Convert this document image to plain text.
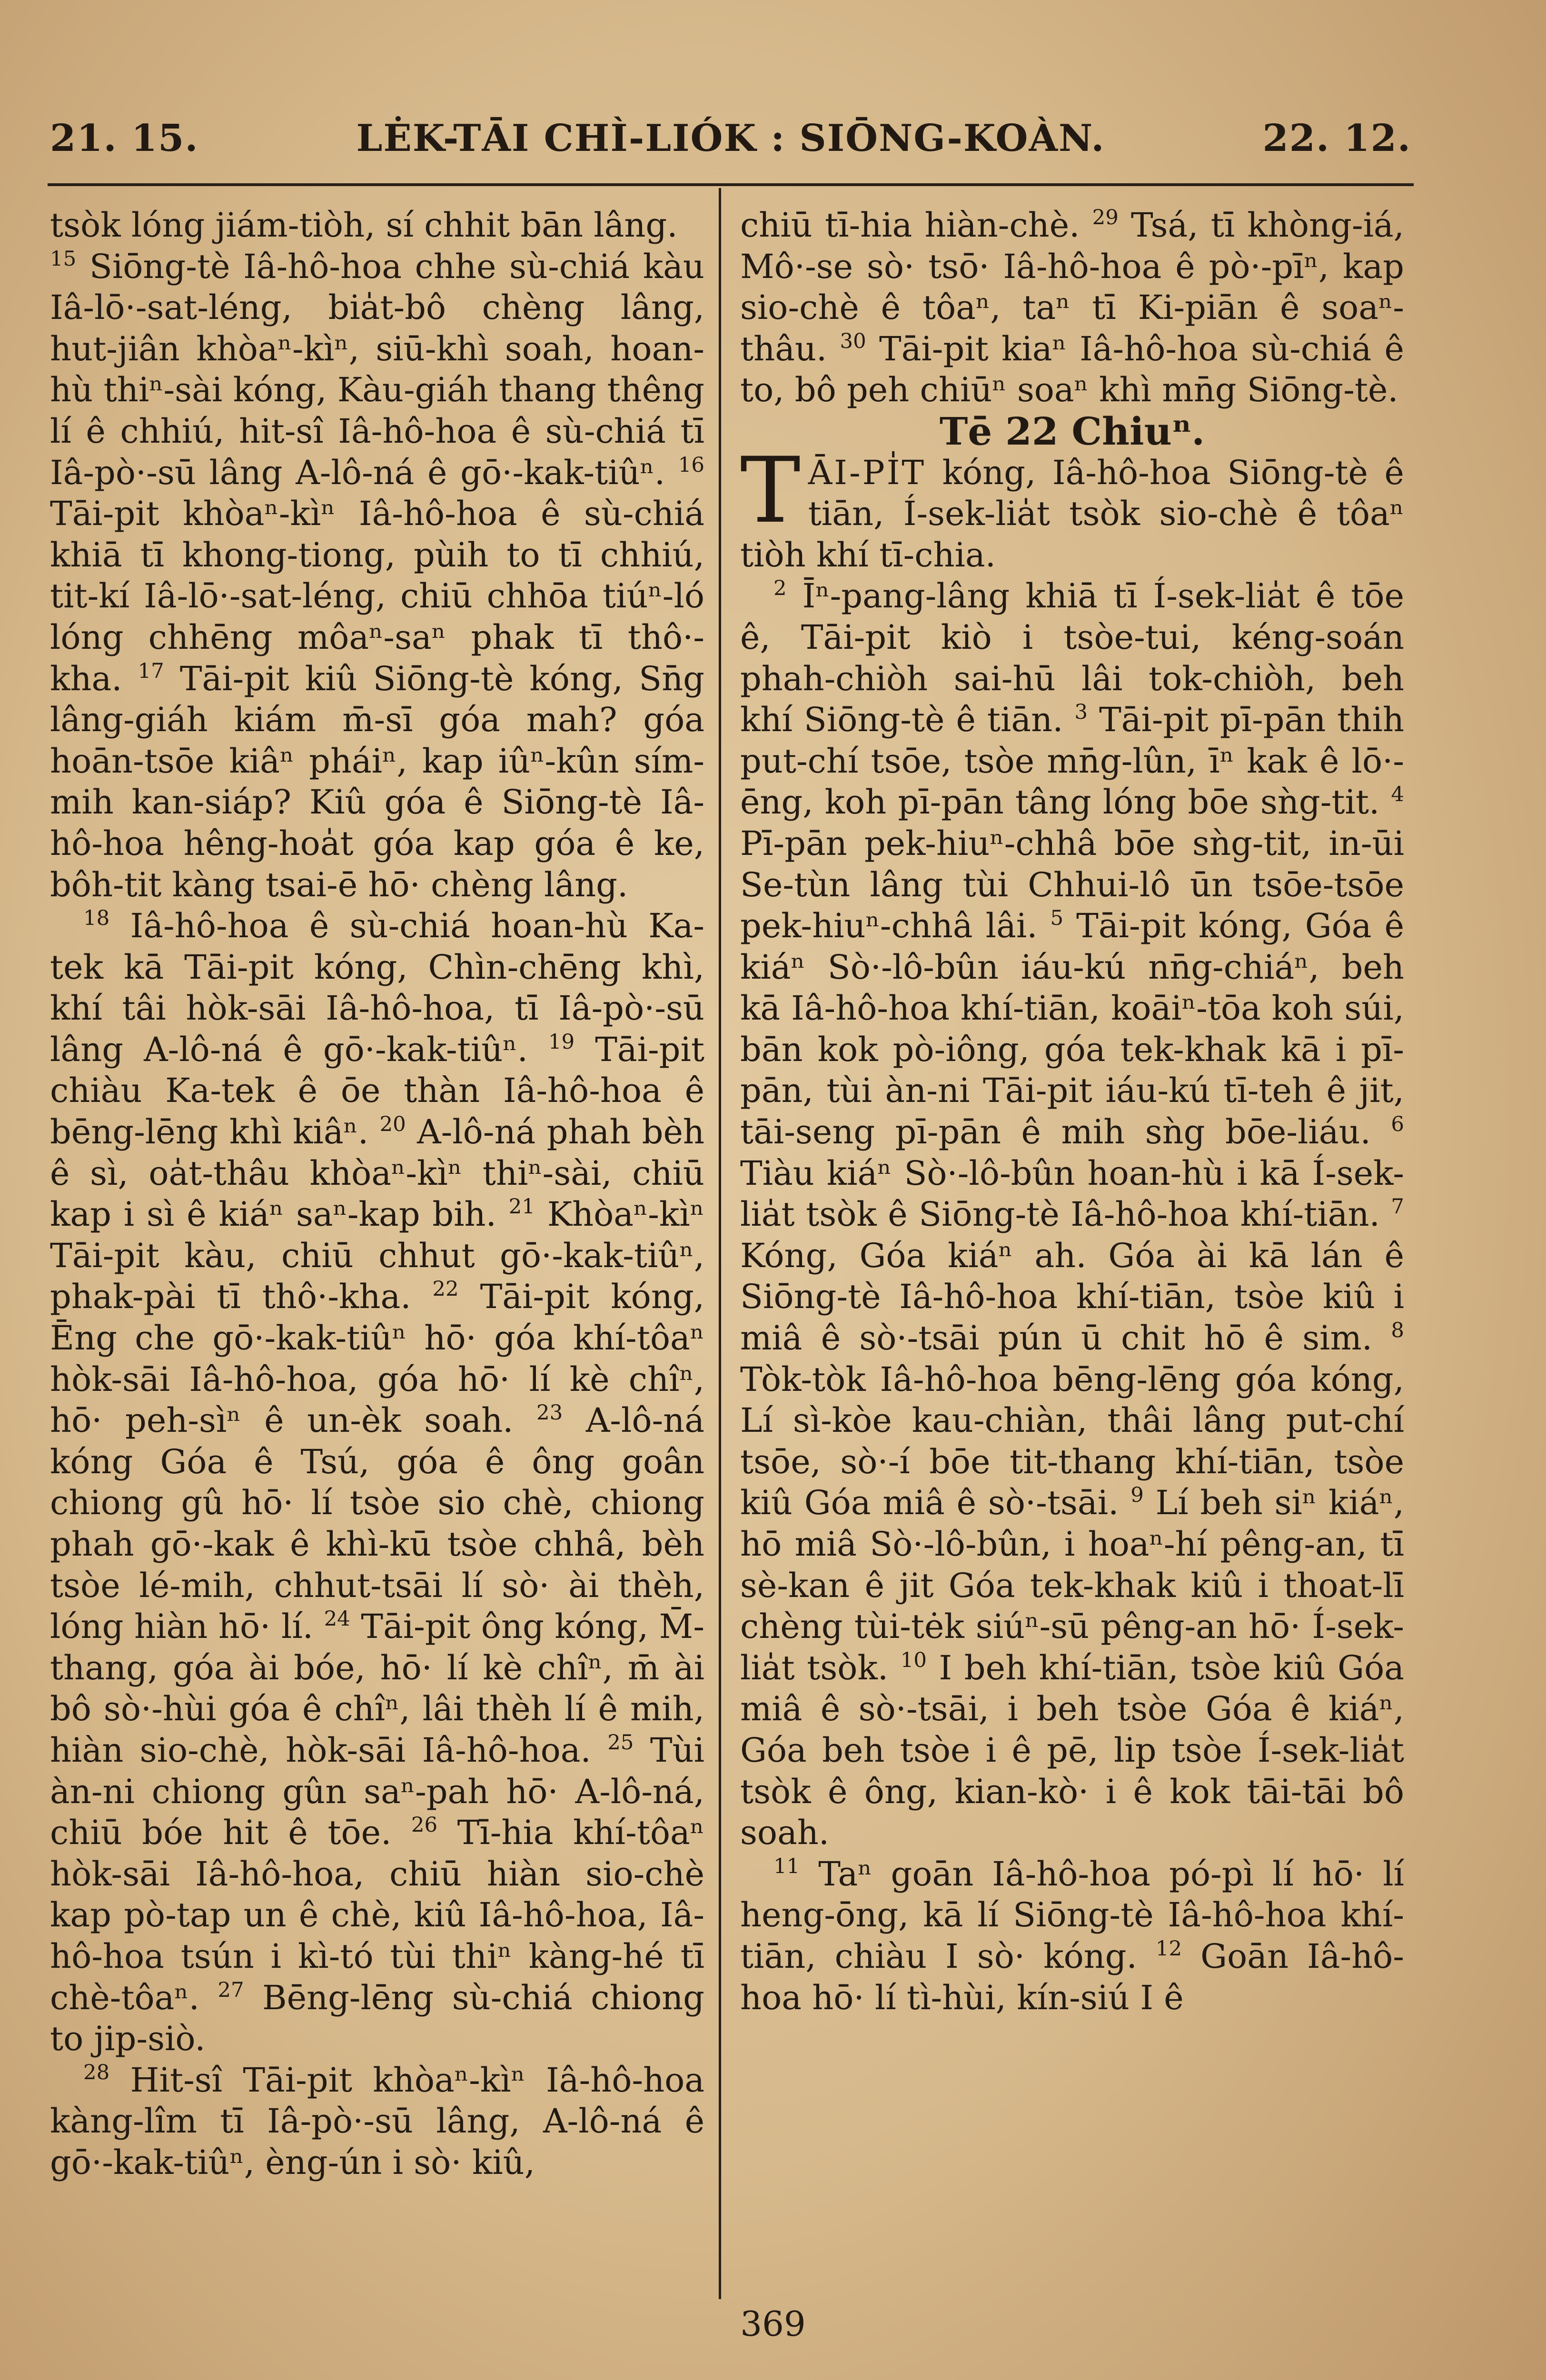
21. 15.	LĖK-TĀI CHÌ-LIÓK : SIŌNG-KOÀN.	22. 12.

tsòk lóng jiám-tiòh, sí chhit bān lâng.

$^{15}$ Siōng-tè Iâ-hô-hoa chhe sù-chiá kàu Iâ-lō·-sat-léng, bia̍t-bô chèng lâng, hut-jiân khòaⁿ-kìⁿ, siū-khì soah, hoan-hù thiⁿ-sài kóng, Kàu-giáh thang thêng lí ê chhiú, hit-sî Iâ-hô-hoa ê sù-chiá tī Iâ-pò·-sū lâng A-lô-ná ê gō·-kak-tiûⁿ. $^{16}$ Tāi-pit khòaⁿ-kìⁿ Iâ-hô-hoa ê sù-chiá khiā tī khong-tiong, pùih to tī chhiú, tit-kí Iâ-lō·-sat-léng, chiū chhōa tiúⁿ-ló lóng chhēng môaⁿ-saⁿ phak tī thô·-kha. $^{17}$ Tāi-pit kiû Siōng-tè kóng, Sn̄g lâng-giáh kiám m̄-sī góa mah? góa hoān-tsōe kiâⁿ pháiⁿ, kap iûⁿ-kûn sím-mih kan-siáp? Kiû góa ê Siōng-tè Iâ-hô-hoa hêng-hoa̍t góa kap góa ê ke, bôh-tit kàng tsai-ē hō· chèng lâng.

$^{18}$ Iâ-hô-hoa ê sù-chiá hoan-hù Ka-tek kā Tāi-pit kóng, Chìn-chēng khì, khí tâi hòk-sāi Iâ-hô-hoa, tī Iâ-pò·-sū lâng A-lô-ná ê gō·-kak-tiûⁿ. $^{19}$ Tāi-pit chiàu Ka-tek ê ōe thàn Iâ-hô-hoa ê bēng-lēng khì kiâⁿ. $^{20}$ A-lô-ná phah bèh ê sì, oa̍t-thâu khòaⁿ-kìⁿ thiⁿ-sài, chiū kap i sì ê kiáⁿ saⁿ-kap bih. $^{21}$ Khòaⁿ-kìⁿ Tāi-pit kàu, chiū chhut gō·-kak-tiûⁿ, phak-pài tī thô·-kha. $^{22}$ Tāi-pit kóng, Ēng che gō·-kak-tiûⁿ hō· góa khí-tôaⁿ hòk-sāi Iâ-hô-hoa, góa hō· lí kè chîⁿ, hō· peh-sìⁿ ê un-èk soah. $^{23}$ A-lô-ná kóng Góa ê Tsú, góa ê ông goân chiong gû hō· lí tsòe sio chè, chiong phah gō·-kak ê khì-kū tsòe chhâ, bèh tsòe lé-mih, chhut-tsāi lí sò· ài thèh, lóng hiàn hō· lí. $^{24}$ Tāi-pit ông kóng, M̄-thang, góa ài bóe, hō· lí kè chîⁿ, m̄ ài bô sò·-hùi góa ê chîⁿ, lâi thèh lí ê mih, hiàn sio-chè, hòk-sāi Iâ-hô-hoa. $^{25}$ Tùi àn-ni chiong gûn saⁿ-pah hō· A-lô-ná, chiū bóe hit ê tōe. $^{26}$ Tī-hia khí-tôaⁿ hòk-sāi Iâ-hô-hoa, chiū hiàn sio-chè kap pò-tap un ê chè, kiû Iâ-hô-hoa, Iâ-hô-hoa tsún i kì-tó tùi thiⁿ kàng-hé tī chè-tôaⁿ. $^{27}$ Bēng-lēng sù-chiá chiong to jip-siò.

$^{28}$ Hit-sî Tāi-pit khòaⁿ-kìⁿ Iâ-hô-hoa kàng-lîm tī Iâ-pò·-sū lâng, A-lô-ná ê gō·-kak-tiûⁿ, èng-ún i sò· kiû,

chiū tī-hia hiàn-chè. $^{29}$ Tsá, tī khòng-iá, Mô·-se sò· tsō· Iâ-hô-hoa ê pò·-pīⁿ, kap sio-chè ê tôaⁿ, taⁿ tī Ki-piān ê soaⁿ-thâu. $^{30}$ Tāi-pit kiaⁿ Iâ-hô-hoa sù-chiá ê to, bô peh chiūⁿ soaⁿ khì mn̄g Siōng-tè.

Tē 22 Chiuⁿ.

TĀI-PI̍T kóng, Iâ-hô-hoa Siōng-tè ê tiān, Í-sek-lia̍t tsòk sio-chè ê tôaⁿ tiòh khí tī-chia.

$^2$ Īⁿ-pang-lâng khiā tī Í-sek-lia̍t ê tōe ê, Tāi-pit kiò i tsòe-tui, kéng-soán phah-chiòh sai-hū lâi tok-chiòh, beh khí Siōng-tè ê tiān. $^3$ Tāi-pit pī-pān thih put-chí tsōe, tsòe mn̄g-lûn, īⁿ kak ê lō·-ēng, koh pī-pān tâng lóng bōe sǹg-tit. $^4$ Pī-pān pek-hiuⁿ-chhâ bōe sǹg-tit, in-ūi Se-tùn lâng tùi Chhui-lô ūn tsōe-tsōe pek-hiuⁿ-chhâ lâi. $^5$ Tāi-pit kóng, Góa ê kiáⁿ Sò·-lô-bûn iáu-kú nn̄g-chiáⁿ, beh kā Iâ-hô-hoa khí-tiān, koāiⁿ-tōa koh súi, bān kok pò-iông, góa tek-khak kā i pī-pān, tùi àn-ni Tāi-pit iáu-kú tī-teh ê jit, tāi-seng pī-pān ê mih sǹg bōe-liáu. $^6$ Tiàu kiáⁿ Sò·-lô-bûn hoan-hù i kā Í-sek-lia̍t tsòk ê Siōng-tè Iâ-hô-hoa khí-tiān. $^7$ Kóng, Góa kiáⁿ ah. Góa ài kā lán ê Siōng-tè Iâ-hô-hoa khí-tiān, tsòe kiû i miâ ê sò·-tsāi pún ū chit hō ê sim. $^8$ Tòk-tòk Iâ-hô-hoa bēng-lēng góa kóng, Lí sì-kòe kau-chiàn, thâi lâng put-chí tsōe, sò·-í bōe tit-thang khí-tiān, tsòe kiû Góa miâ ê sò·-tsāi. $^9$ Lí beh siⁿ kiáⁿ, hō miâ Sò·-lô-bûn, i hoaⁿ-hí pêng-an, tī sè-kan ê jit Góa tek-khak kiû i thoat-lī chèng tùi-tėk siúⁿ-sū pêng-an hō· Í-sek-lia̍t tsòk. $^{10}$ I beh khí-tiān, tsòe kiû Góa miâ ê sò·-tsāi, i beh tsòe Góa ê kiáⁿ, Góa beh tsòe i ê pē, lip tsòe Í-sek-lia̍t tsòk ê ông, kian-kò· i ê kok tāi-tāi bô soah.

$^{11}$ Taⁿ goān Iâ-hô-hoa pó-pì lí hō· lí heng-ōng, kā lí Siōng-tè Iâ-hô-hoa khí-tiān, chiàu I sò· kóng. $^{12}$ Goān Iâ-hô-hoa hō· lí tì-hùi, kín-siú I ê

369
